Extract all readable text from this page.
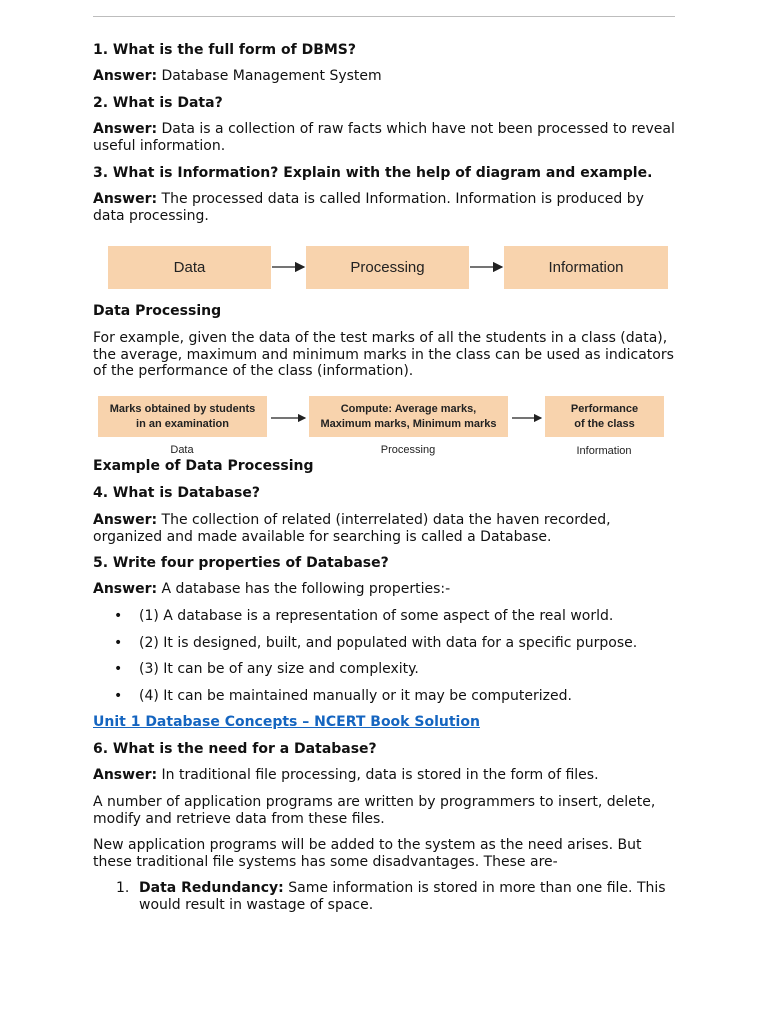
1. What is the full form of DBMS?

Answer: Database Management System

2. What is Data?

Answer: Data is a collection of raw facts which have not been processed to reveal useful information.

3. What is Information? Explain with the help of diagram and example.

Answer: The processed data is called Information. Information is produced by data processing.

Data	Processing	Information

Data Processing

For example, given the data of the test marks of all the students in a class (data), the average, maximum and minimum marks in the class can be used as indicators of the performance of the class (information).

Marks obtained by students
in an examination
Compute: Average marks,
Maximum marks, Minimum marks
Performance
of the class
Data	Processing	Information

Example of Data Processing

4. What is Database?

Answer: The collection of related (interrelated) data the haven recorded, organized and made available for searching is called a Database.

5. Write four properties of Database?

Answer: A database has the following properties:-

• (1) A database is a representation of some aspect of the real world.
• (2) It is designed, built, and populated with data for a specific purpose.
• (3) It can be of any size and complexity.
• (4) It can be maintained manually or it may be computerized.

Unit 1 Database Concepts – NCERT Book Solution

6. What is the need for a Database?

Answer: In traditional file processing, data is stored in the form of files.

A number of application programs are written by programmers to insert, delete, modify and retrieve data from these files.

New application programs will be added to the system as the need arises. But these traditional file systems has some disadvantages. These are-

1. Data Redundancy: Same information is stored in more than one file. This would result in wastage of space.
